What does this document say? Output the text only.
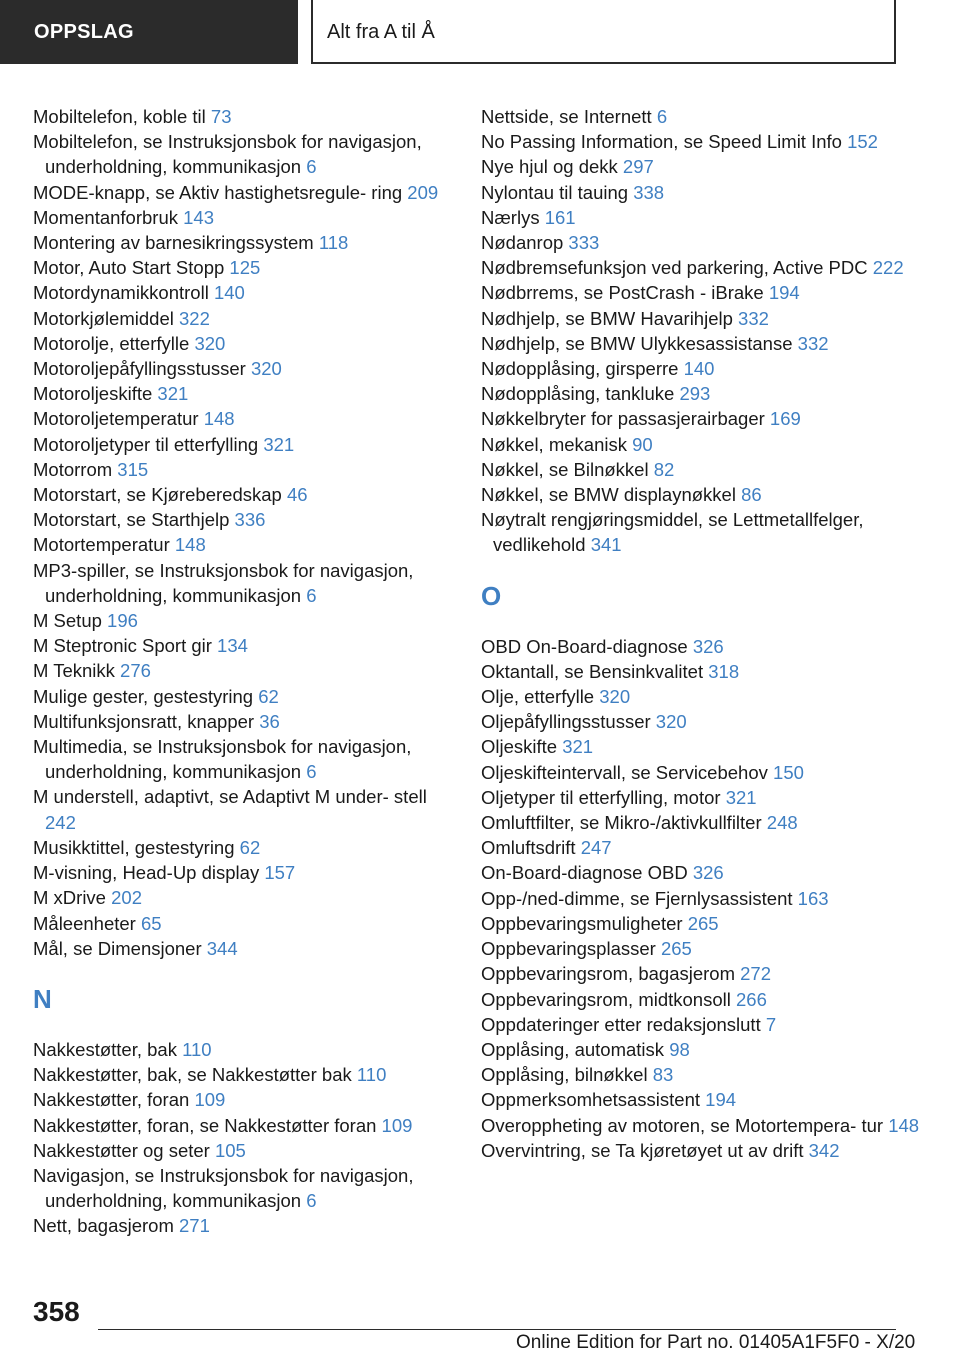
OPPSLAG	Alt fra A til Å
Mobiltelefon, koble til 73
Mobiltelefon, se Instruksjonsbok for navigasjon, underholdning, kommunikasjon 6
MODE-knapp, se Aktiv hastighetsregule‐ ring 209
Momentanforbruk 143
Montering av barnesikringssystem 118
Motor, Auto Start Stopp 125
Motordynamikkontroll 140
Motorkjølemiddel 322
Motorolje, etterfylle 320
Motoroljepåfyllingsstusser 320
Motoroljeskifte 321
Motoroljetemperatur 148
Motoroljetyper til etterfylling 321
Motorrom 315
Motorstart, se Kjøreberedskap 46
Motorstart, se Starthjelp 336
Motortemperatur 148
MP3-spiller, se Instruksjonsbok for navigasjon, underholdning, kommunikasjon 6
M Setup 196
M Steptronic Sport gir 134
M Teknikk 276
Mulige gester, gestestyring 62
Multifunksjonsratt, knapper 36
Multimedia, se Instruksjonsbok for navigasjon, underholdning, kommunikasjon 6
M understell, adaptivt, se Adaptivt M under‐ stell 242
Musikktittel, gestestyring 62
M-visning, Head-Up display 157
M xDrive 202
Måleenheter 65
Mål, se Dimensjoner 344
N
Nakkestøtter, bak 110
Nakkestøtter, bak, se Nakkestøtter bak 110
Nakkestøtter, foran 109
Nakkestøtter, foran, se Nakkestøtter foran 109
Nakkestøtter og seter 105
Navigasjon, se Instruksjonsbok for navigasjon, underholdning, kommunikasjon 6
Nett, bagasjerom 271
Nettside, se Internett 6
No Passing Information, se Speed Limit Info 152
Nye hjul og dekk 297
Nylontau til tauing 338
Nærlys 161
Nødanrop 333
Nødbremsefunksjon ved parkering, Active PDC 222
Nødbrrems, se PostCrash - iBrake 194
Nødhjelp, se BMW Havarihjelp 332
Nødhjelp, se BMW Ulykkesassistanse 332
Nødopplåsing, girsperre 140
Nødopplåsing, tankluke 293
Nøkkelbryter for passasjerairbager 169
Nøkkel, mekanisk 90
Nøkkel, se Bilnøkkel 82
Nøkkel, se BMW displaynøkkel 86
Nøytralt rengjøringsmiddel, se Lettmetallfelger, vedlikehold 341
O
OBD On-Board-diagnose 326
Oktantall, se Bensinkvalitet 318
Olje, etterfylle 320
Oljepåfyllingsstusser 320
Oljeskifte 321
Oljeskifteintervall, se Servicebehov 150
Oljetyper til etterfylling, motor 321
Omluftfilter, se Mikro-/aktivkullfilter 248
Omluftsdrift 247
On-Board-diagnose OBD 326
Opp-/ned-dimme, se Fjernlysassistent 163
Oppbevaringsmuligheter 265
Oppbevaringsplasser 265
Oppbevaringsrom, bagasjerom 272
Oppbevaringsrom, midtkonsoll 266
Oppdateringer etter redaksjonslutt 7
Opplåsing, automatisk 98
Opplåsing, bilnøkkel 83
Oppmerksomhetsassistent 194
Overoppheting av motoren, se Motortempera‐ tur 148
Overvintring, se Ta kjøretøyet ut av drift 342
358
Online Edition for Part no. 01405A1F5F0 - X/20
